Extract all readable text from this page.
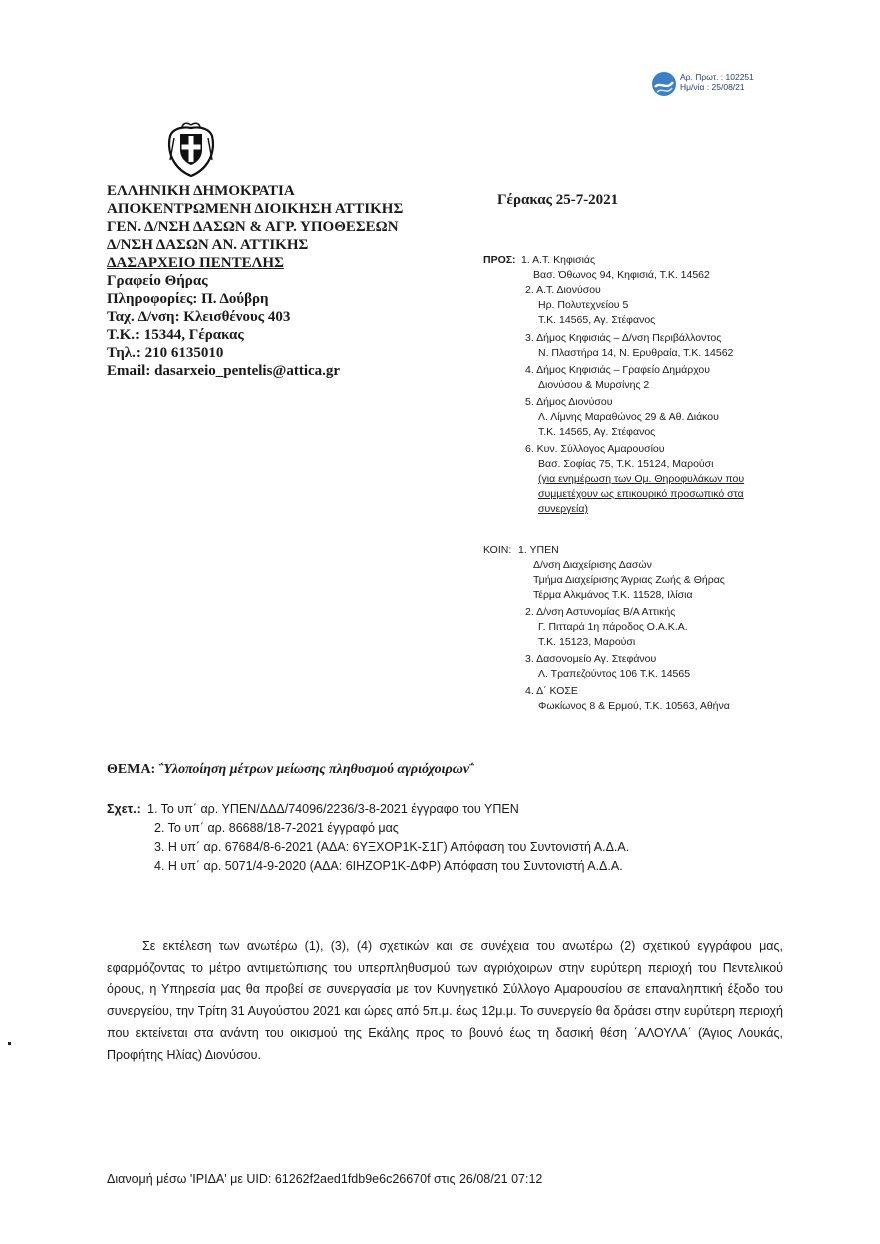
Αρ. Πρωτ. : 102251
Ημ/νία : 25/08/21
ΕΛΛΗΝΙΚΗ ΔΗΜΟΚΡΑΤΙΑ
ΑΠΟΚΕΝΤΡΩΜΕΝΗ ΔΙΟΙΚΗΣΗ ΑΤΤΙΚΗΣ
ΓΕΝ. Δ/ΝΣΗ ΔΑΣΩΝ & ΑΓΡ. ΥΠΟΘΕΣΕΩΝ
Δ/ΝΣΗ ΔΑΣΩΝ ΑΝ. ΑΤΤΙΚΗΣ
ΔΑΣΑΡΧΕΙΟ ΠΕΝΤΕΛΗΣ
Γραφείο Θήρας
Πληροφορίες: Π. Δούβρη
Ταχ. Δ/νση: Κλεισθένους 403
Τ.Κ.: 15344, Γέρακας
Τηλ.: 210 6135010
Email: dasarxeio_pentelis@attica.gr
Γέρακας 25-7-2021
ΠΡΟΣ: 1. Α.Τ. Κηφισιάς
Βασ. Όθωνος 94, Κηφισιά, Τ.Κ. 14562
2. Α.Τ. Διονύσου
Ηρ. Πολυτεχνείου 5
Τ.Κ. 14565, Αγ. Στέφανος
3. Δήμος Κηφισιάς – Δ/νση Περιβάλλοντος
Ν. Πλαστήρα 14, Ν. Ερυθραία, Τ.Κ. 14562
4. Δήμος Κηφισιάς – Γραφείο Δημάρχου
Διονύσου & Μυρσίνης 2
5. Δήμος Διονύσου
Λ. Λίμνης Μαραθώνος 29 & Αθ. Διάκου
Τ.Κ. 14565, Αγ. Στέφανος
6. Κυν. Σύλλογος Αμαρουσίου
Βασ. Σοφίας 75, Τ.Κ. 15124, Μαρούσι
(για ενημέρωση των Ομ. Θηροφυλάκων που
συμμετέχουν ως επικουρικό προσωπικό στα
συνεργεία)
ΚΟΙΝ: 1. ΥΠΕΝ
Δ/νση Διαχείρισης Δασών
Τμήμα Διαχείρισης Άγριας Ζωής & Θήρας
Τέρμα Αλκμάνος Τ.Κ. 11528, Ιλίσια
2. Δ/νση Αστυνομίας Β/Α Αττικής
Γ. Πιτταρά 1η πάροδος Ο.Α.Κ.Α.
Τ.Κ. 15123, Μαρούσι
3. Δασονομείο Αγ. Στεφάνου
Λ. Τραπεζούντος 106 Τ.Κ. 14565
4. Δ΄ ΚΟΣΕ
Φωκίωνος 8 & Ερμού, Τ.Κ. 10563, Αθήνα
ΘΕΜΑ: ΅Υλοποίηση μέτρων μείωσης πληθυσμού αγριόχοιρων΅
Σχετ.: 1. Το υπ΄ αρ. ΥΠΕΝ/ΔΔΔ/74096/2236/3-8-2021 έγγραφο του ΥΠΕΝ
2. Το υπ΄ αρ. 86688/18-7-2021 έγγραφό μας
3. Η υπ΄ αρ. 67684/8-6-2021 (ΑΔΑ: 6ΥΞΧΟΡ1Κ-Σ1Γ) Απόφαση του Συντονιστή Α.Δ.Α.
4. Η υπ΄ αρ. 5071/4-9-2020 (ΑΔΑ: 6ΙΗΖΟΡ1Κ-ΔΦΡ) Απόφαση του Συντονιστή Α.Δ.Α.
Σε εκτέλεση των ανωτέρω (1), (3), (4) σχετικών και σε συνέχεια του ανωτέρω (2) σχετικού εγγράφου μας, εφαρμόζοντας το μέτρο αντιμετώπισης του υπερπληθυσμού των αγριόχοιρων στην ευρύτερη περιοχή του Πεντελικού όρους, η Υπηρεσία μας θα προβεί σε συνεργασία με τον Κυνηγετικό Σύλλογο Αμαρουσίου σε επαναληπτική έξοδο του συνεργείου, την Τρίτη 31 Αυγούστου 2021 και ώρες από 5π.μ. έως 12μ.μ. Το συνεργείο θα δράσει στην ευρύτερη περιοχή που εκτείνεται στα ανάντη του οικισμού της Εκάλης προς το βουνό έως τη δασική θέση ΄ΑΛΟΥΛΑ΄ (Άγιος Λουκάς, Προφήτης Ηλίας) Διονύσου.
Διανομή μέσω 'ΙΡΙΔΑ' με UID: 61262f2aed1fdb9e6c26670f στις 26/08/21 07:12
